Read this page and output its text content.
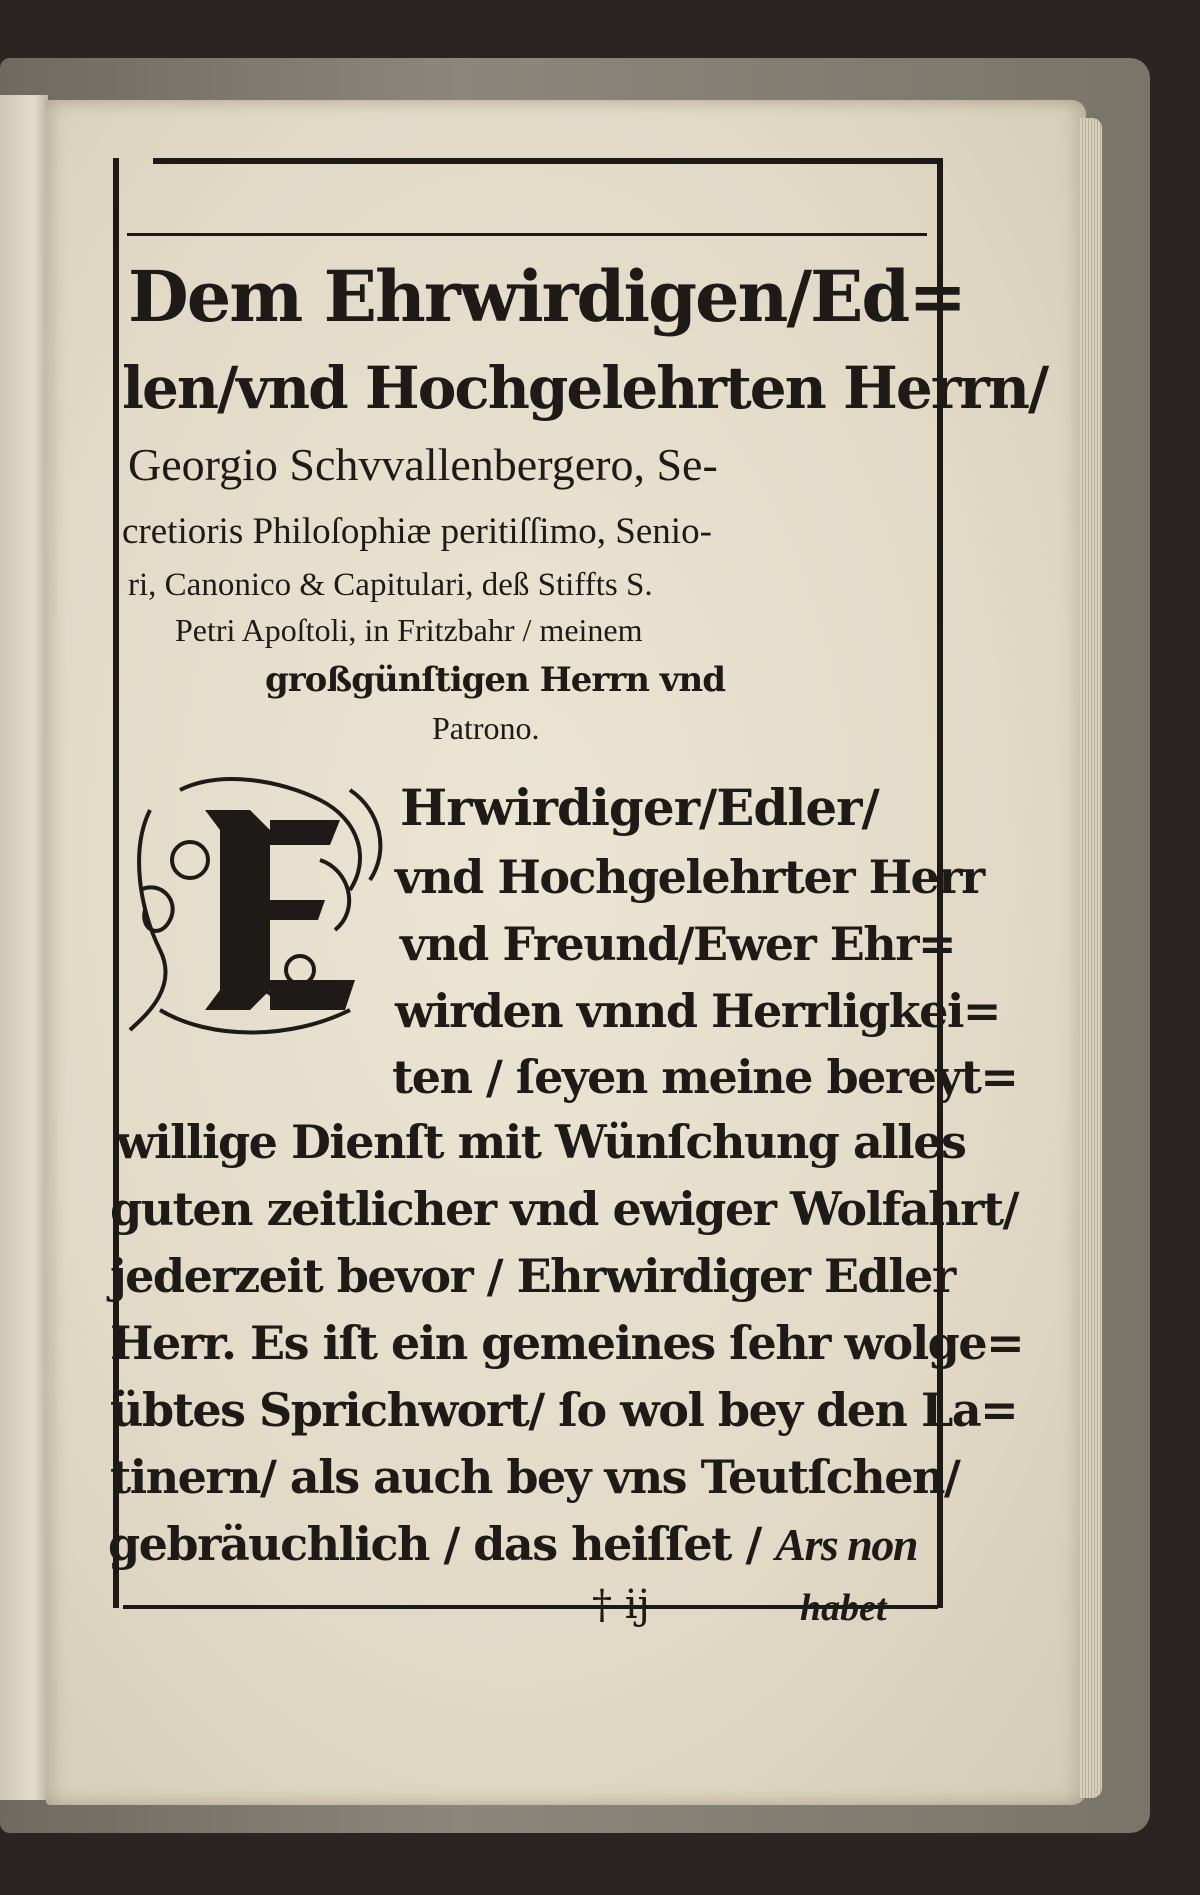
Dem Ehrwirdigen/Ed=

len/vnd Hochgelehrten Herrn/

Georgio Schvvallenbergero, Se-

cretioris Philoſophiæ peritiſſimo, Senio-

ri, Canonico & Capitulari, deß Stiffts S.

Petri Apoſtoli, in Fritzbahr / meinem

großgünſtigen Herrn vnd

Patrono.

Hrwirdiger/Edler/

vnd Hochgelehrter Herr

vnd Freund/Ewer Ehr=

wirden vnnd Herrligkei=

ten / ſeyen meine bereyt=

willige Dienſt mit Wünſchung alles

guten zeitlicher vnd ewiger Wolfahrt/

jederzeit bevor / Ehrwirdiger Edler

Herr. Es iſt ein gemeines ſehr wolge=

übtes Sprichwort/ ſo wol bey den La=

tinern/ als auch bey vns Teutſchen/

gebräuchlich / das heiſſet / Ars non

† ij	habet
